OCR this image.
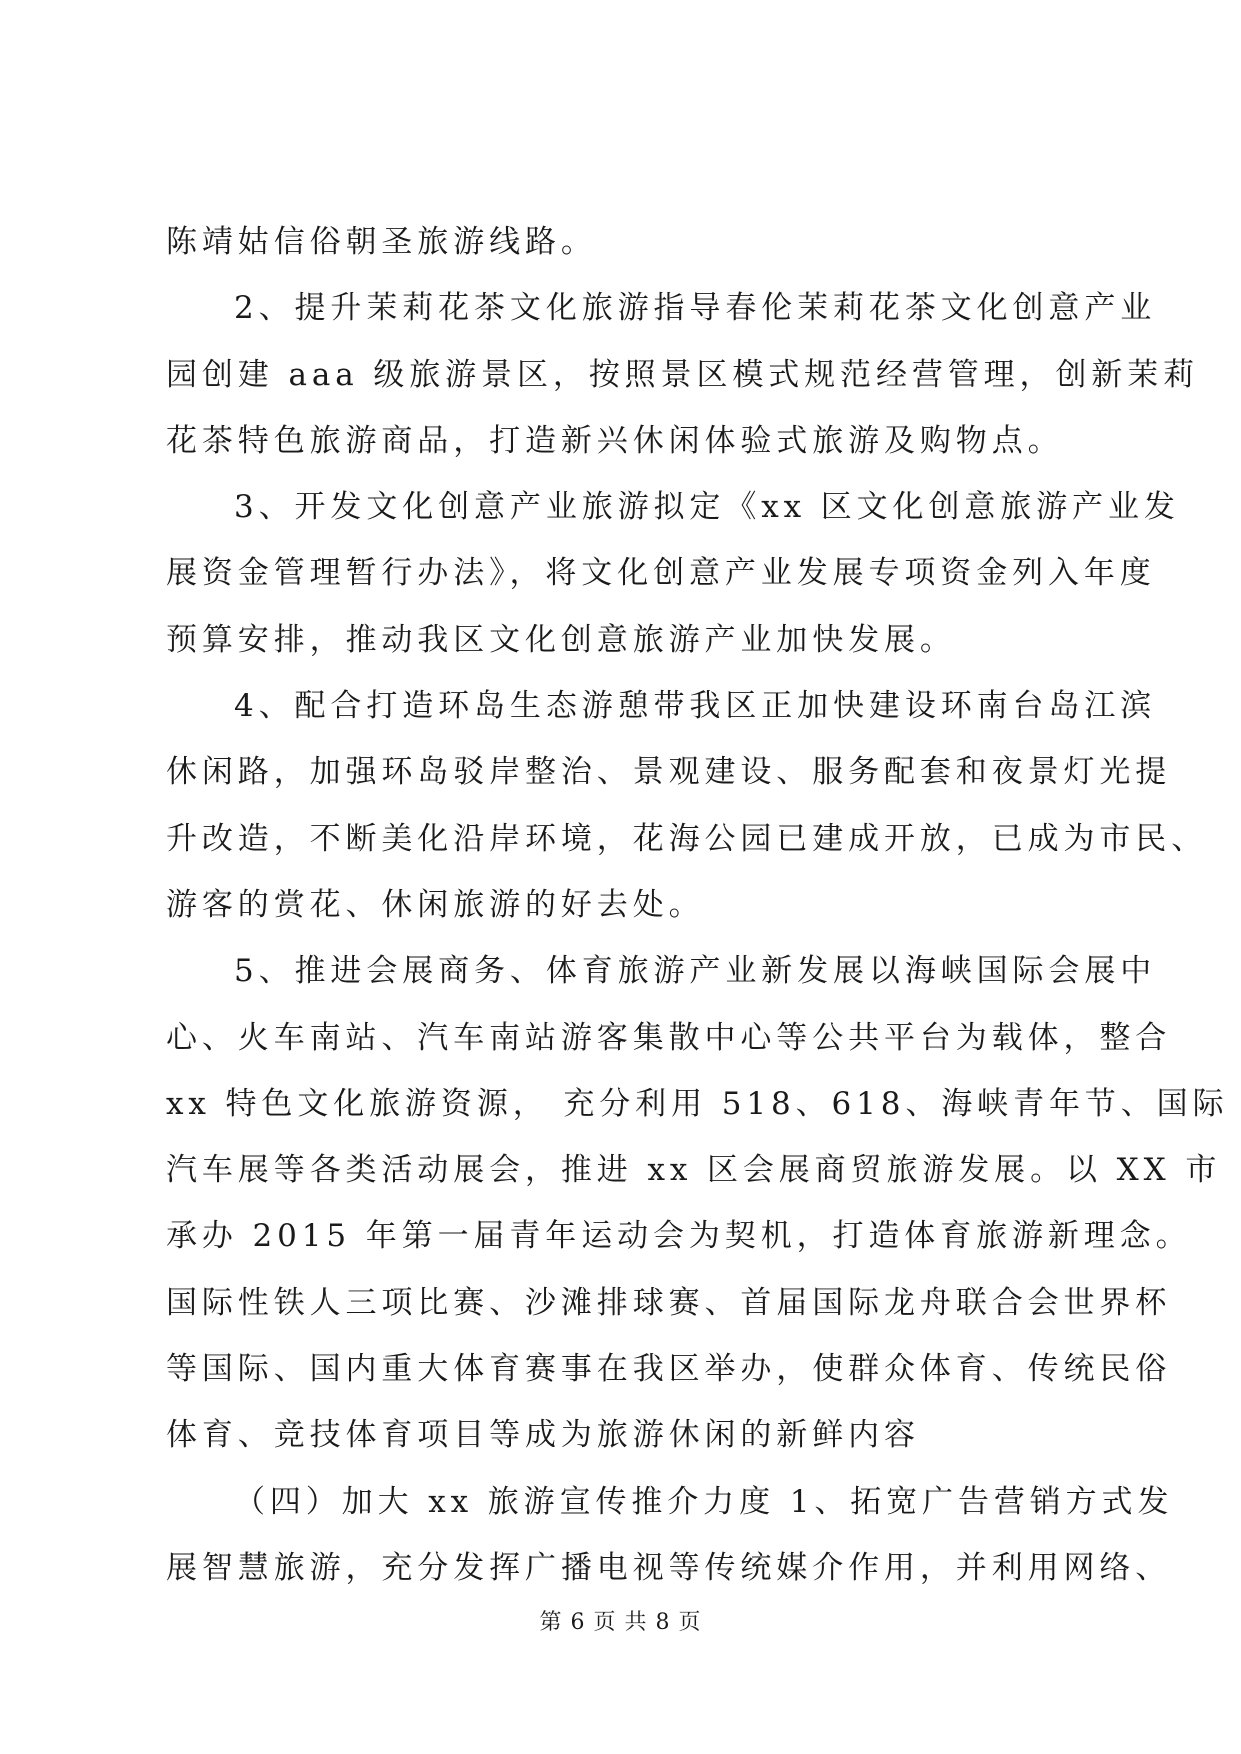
陈靖姑信俗朝圣旅游线路。
2、提升茉莉花茶文化旅游指导春伦茉莉花茶文化创意产业
园创建 aaa 级旅游景区，按照景区模式规范经营管理，创新茉莉
花茶特色旅游商品，打造新兴休闲体验式旅游及购物点。
3、开发文化创意产业旅游拟定《xx 区文化创意旅游产业发
展资金管理暂行办法》，将文化创意产业发展专项资金列入年度
预算安排，推动我区文化创意旅游产业加快发展。
4、配合打造环岛生态游憩带我区正加快建设环南台岛江滨
休闲路，加强环岛驳岸整治、景观建设、服务配套和夜景灯光提
升改造，不断美化沿岸环境，花海公园已建成开放，已成为市民、
游客的赏花、休闲旅游的好去处。
5、推进会展商务、体育旅游产业新发展以海峡国际会展中
心、火车南站、汽车南站游客集散中心等公共平台为载体，整合
xx 特色文化旅游资源， 充分利用 518、618、海峡青年节、国际
汽车展等各类活动展会，推进 xx 区会展商贸旅游发展。以 XX 市
承办 2015 年第一届青年运动会为契机，打造体育旅游新理念。
国际性铁人三项比赛、沙滩排球赛、首届国际龙舟联合会世界杯
等国际、国内重大体育赛事在我区举办，使群众体育、传统民俗
体育、竞技体育项目等成为旅游休闲的新鲜内容
（四）加大 xx 旅游宣传推介力度 1、拓宽广告营销方式发
展智慧旅游，充分发挥广播电视等传统媒介作用，并利用网络、
第 6 页 共 8 页
